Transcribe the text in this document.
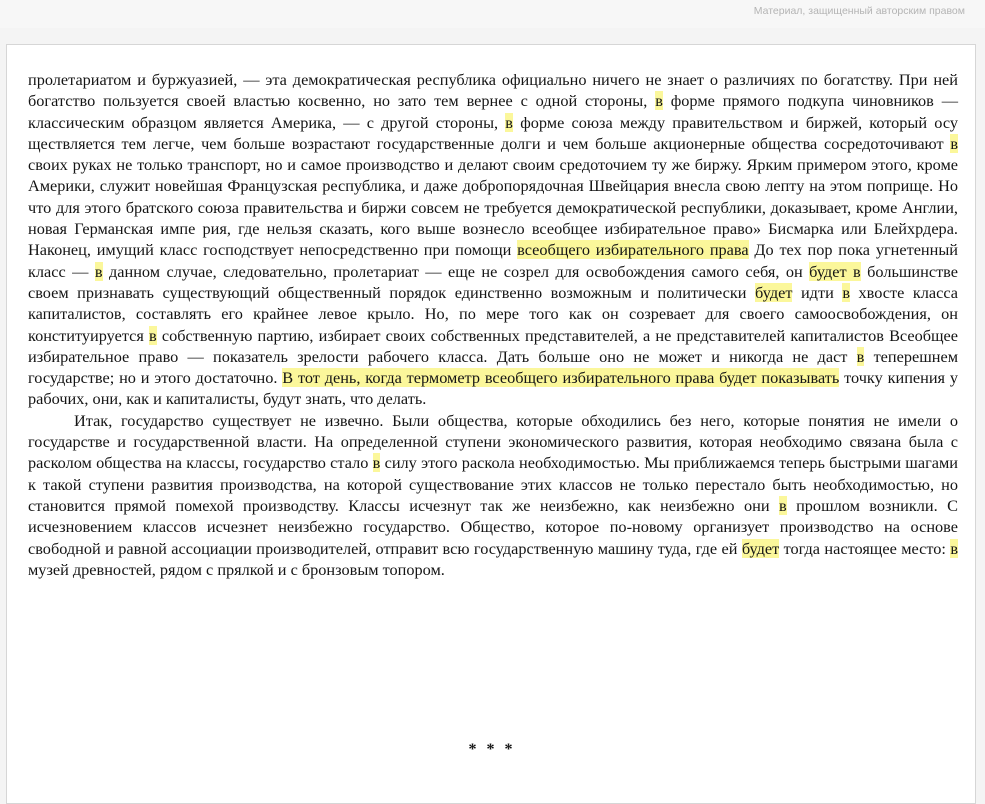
Материал, защищенный авторским правом

пролетариатом и буржуазией, — эта демократическая республика официально ничего не знает о различиях по богатству. При ней богатство пользуется своей властью косвенно, но зато тем вернее с одной стороны, в форме прямого подкупа чиновников — классическим образцом является Америка, — с другой стороны, в форме союза между правительством и биржей, который осу ществляется тем легче, чем больше возрастают государственные долги и чем больше акционерные общества сосредоточивают в своих руках не только транспорт, но и самое производство и делают своим средоточием ту же биржу. Ярким примером этого, кроме Америки, служит новейшая Французская республика, и даже добропорядочная Швейцария внесла свою лепту на этом поприще. Но что для этого братского союза правительства и биржи совсем не требуется демократической республики, доказывает, кроме Англии, новая Германская импе рия, где нельзя сказать, кого выше вознесло всеобщее избирательное право» Бисмарка или Блейхрдера. Наконец, имущий класс господствует непосредственно при помощи всеобщего избирательного права До тех пор пока угнетенный класс — в данном случае, следовательно, пролетариат — еще не созрел для освобождения самого себя, он будет в большинстве своем признавать существующий общественный порядок единственно возможным и политически будет идти в хвосте класса капиталистов, составлять его крайнее левое крыло. Но, по мере того как он созревает для своего самоосвобождения, он конституируется в собственную партию, избирает своих собственных представителей, а не представителей капиталистов Всеобщее избирательное право — показатель зрелости рабочего класса. Дать больше оно не может и никогда не даст в теперешнем государстве; но и этого достаточно. В тот день, когда термометр всеобщего избирательного права будет показывать точку кипения у рабочих, они, как и капиталисты, будут знать, что делать.

Итак, государство существует не извечно. Были общества, которые обходились без него, которые понятия не имели о государстве и государственной власти. На определенной ступени экономического развития, которая необходимо связана была с расколом общества на классы, государство стало в силу этого раскола необходимостью. Мы приближаемся теперь быстрыми шагами к такой ступени развития производства, на которой существование этих классов не только перестало быть необходимостью, но становится прямой помехой производству. Классы исчезнут так же неизбежно, как неизбежно они в прошлом возникли. С исчезновением классов исчезнет неизбежно государство. Общество, которое по-новому организует производство на основе свободной и равной ассоциации производителей, отправит всю государственную машину туда, где ей будет тогда настоящее место: в музей древностей, рядом с прялкой и с бронзовым топором.

* * *
